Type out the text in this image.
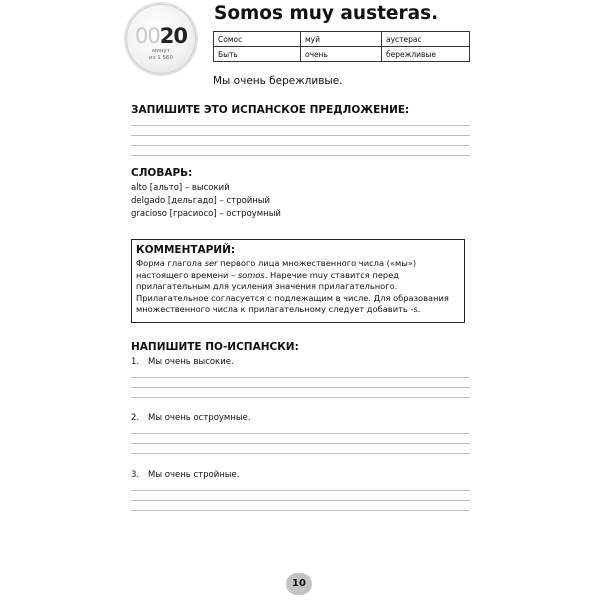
0020
минут
из 1 560
Somos muy austeras.
Сомос	муй	аустерас
Быть	очень	бережливые
Мы очень бережливые.
ЗАПИШИТЕ ЭТО ИСПАНСКОЕ ПРЕДЛОЖЕНИЕ:
СЛОВАРЬ:
alto [альто] – высокий
delgado [дельгадо] – стройный
gracioso [грасиосо] – остроумный
КОММЕНТАРИЙ:

Форма глагола ser первого лица множественного числа («мы») настоящего времени – somos. Наречие muy ставится перед прилагательным для усиления значения прилагательного. Прилагательное согласуется с подлежащим в числе. Для образования множественного числа к прилагательному следует добавить -s.

НАПИШИТЕ ПО-ИСПАНСКИ:
1. Мы очень высокие.
2. Мы очень остроумные.
3. Мы очень стройные.
10
